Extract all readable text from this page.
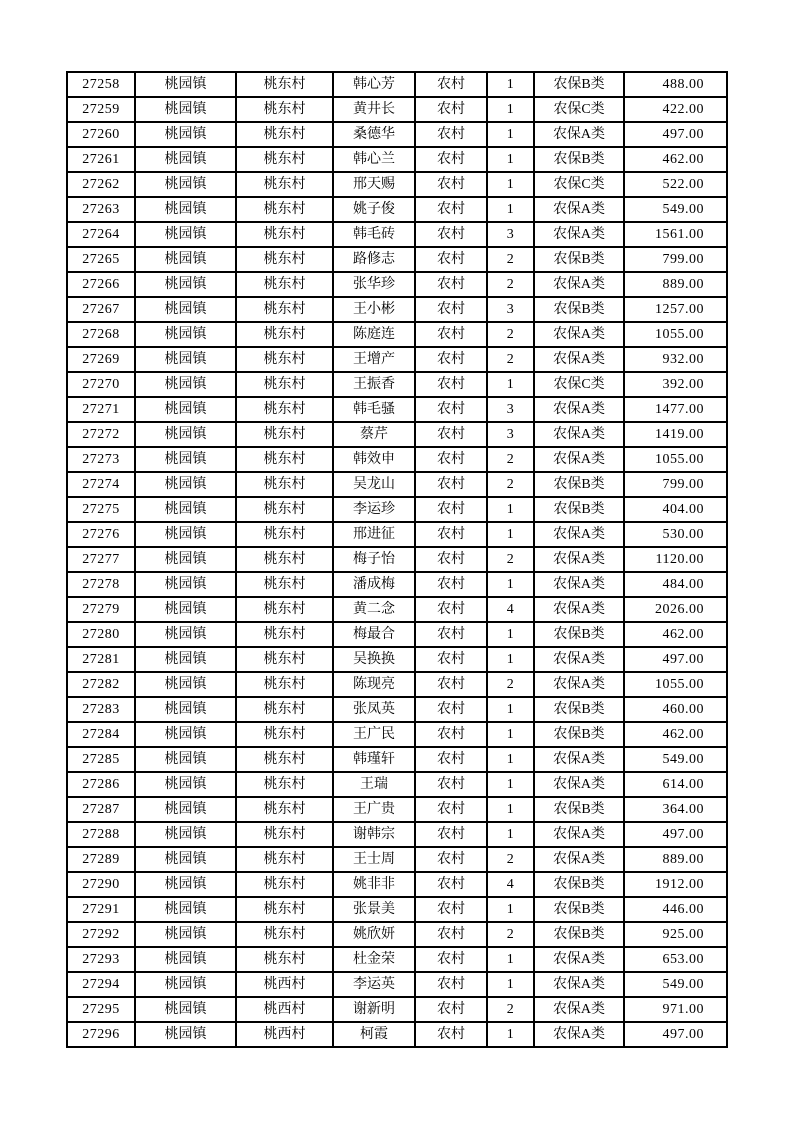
27258	桃园镇	桃东村	韩心芳	农村	1	农保B类	488.00
27259	桃园镇	桃东村	黄井长	农村	1	农保C类	422.00
27260	桃园镇	桃东村	桑德华	农村	1	农保A类	497.00
27261	桃园镇	桃东村	韩心兰	农村	1	农保B类	462.00
27262	桃园镇	桃东村	邢天赐	农村	1	农保C类	522.00
27263	桃园镇	桃东村	姚子俊	农村	1	农保A类	549.00
27264	桃园镇	桃东村	韩毛砖	农村	3	农保A类	1561.00
27265	桃园镇	桃东村	路修志	农村	2	农保B类	799.00
27266	桃园镇	桃东村	张华珍	农村	2	农保A类	889.00
27267	桃园镇	桃东村	王小彬	农村	3	农保B类	1257.00
27268	桃园镇	桃东村	陈庭连	农村	2	农保A类	1055.00
27269	桃园镇	桃东村	王增产	农村	2	农保A类	932.00
27270	桃园镇	桃东村	王振香	农村	1	农保C类	392.00
27271	桃园镇	桃东村	韩毛骚	农村	3	农保A类	1477.00
27272	桃园镇	桃东村	蔡芹	农村	3	农保A类	1419.00
27273	桃园镇	桃东村	韩效申	农村	2	农保A类	1055.00
27274	桃园镇	桃东村	吴龙山	农村	2	农保B类	799.00
27275	桃园镇	桃东村	李运珍	农村	1	农保B类	404.00
27276	桃园镇	桃东村	邢进征	农村	1	农保A类	530.00
27277	桃园镇	桃东村	梅子怡	农村	2	农保A类	1120.00
27278	桃园镇	桃东村	潘成梅	农村	1	农保A类	484.00
27279	桃园镇	桃东村	黄二念	农村	4	农保A类	2026.00
27280	桃园镇	桃东村	梅最合	农村	1	农保B类	462.00
27281	桃园镇	桃东村	吴换换	农村	1	农保A类	497.00
27282	桃园镇	桃东村	陈现亮	农村	2	农保A类	1055.00
27283	桃园镇	桃东村	张凤英	农村	1	农保B类	460.00
27284	桃园镇	桃东村	王广民	农村	1	农保B类	462.00
27285	桃园镇	桃东村	韩瑾轩	农村	1	农保A类	549.00
27286	桃园镇	桃东村	王瑞	农村	1	农保A类	614.00
27287	桃园镇	桃东村	王广贵	农村	1	农保B类	364.00
27288	桃园镇	桃东村	谢韩宗	农村	1	农保A类	497.00
27289	桃园镇	桃东村	王士周	农村	2	农保A类	889.00
27290	桃园镇	桃东村	姚非非	农村	4	农保B类	1912.00
27291	桃园镇	桃东村	张景美	农村	1	农保B类	446.00
27292	桃园镇	桃东村	姚欣妍	农村	2	农保B类	925.00
27293	桃园镇	桃东村	杜金荣	农村	1	农保A类	653.00
27294	桃园镇	桃西村	李运英	农村	1	农保A类	549.00
27295	桃园镇	桃西村	谢新明	农村	2	农保A类	971.00
27296	桃园镇	桃西村	柯霞	农村	1	农保A类	497.00
